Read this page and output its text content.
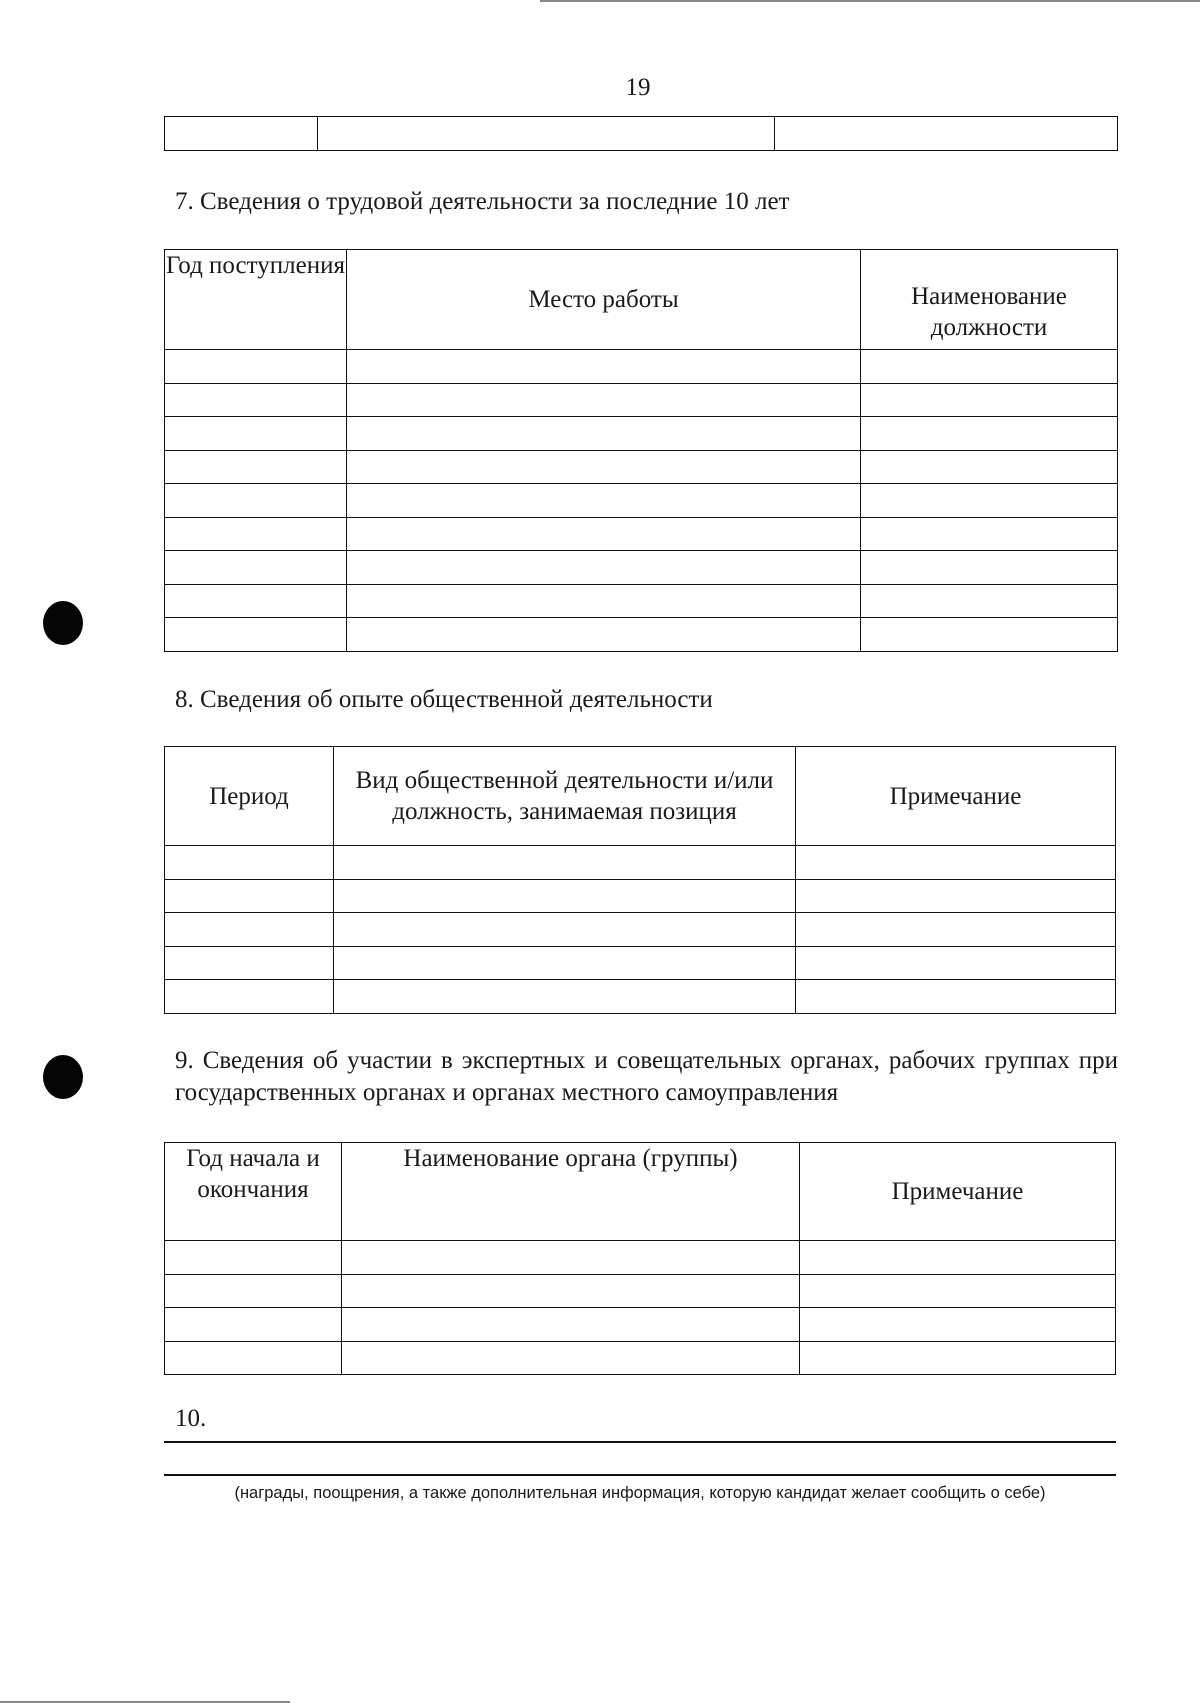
19

7. Сведения о трудовой деятельности за последние 10 лет
Год поступления	Место работы	Наименование должности

8. Сведения об опыте общественной деятельности
Период	Вид общественной деятельности и/или должность, занимаемая позиция	Примечание

9. Сведения об участии в экспертных и совещательных органах, рабочих группах при государственных органах и органах местного самоуправления
Год начала и окончания	Наименование органа (группы)	Примечание

10.
(награды, поощрения, а также дополнительная информация, которую кандидат желает сообщить о себе)
